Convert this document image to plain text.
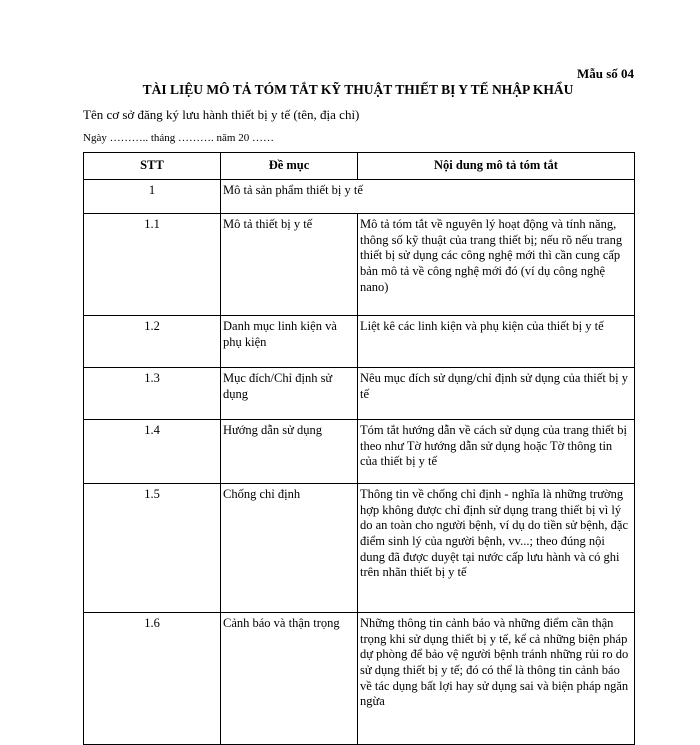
Mẫu số 04
TÀI LIỆU MÔ TẢ TÓM TẮT KỸ THUẬT THIẾT BỊ Y TẾ NHẬP KHẨU
Tên cơ sở đăng ký lưu hành thiết bị y tế (tên, địa chỉ)
Ngày ……….. tháng ………. năm 20 ……
STT	Đề mục	Nội dung mô tả tóm tắt
1	Mô tả sản phẩm thiết bị y tế	
1.1	Mô tả thiết bị y tế	Mô tả tóm tắt về nguyên lý hoạt động và tính năng, thông số kỹ thuật của trang thiết bị; nếu rõ nếu trang thiết bị sử dụng các công nghệ mới thì cần cung cấp bản mô tả về công nghệ mới đó (ví dụ công nghệ nano)
1.2	Danh mục linh kiện và phụ kiện	Liệt kê các linh kiện và phụ kiện của thiết bị y tế
1.3	Mục đích/Chỉ định sử dụng	Nêu mục đích sử dụng/chỉ định sử dụng của thiết bị y tế
1.4	Hướng dẫn sử dụng	Tóm tắt hướng dẫn về cách sử dụng của trang thiết bị theo như Tờ hướng dẫn sử dụng hoặc Tờ thông tin của thiết bị y tế
1.5	Chống chỉ định	Thông tin về chống chỉ định - nghĩa là những trường hợp không được chỉ định sử dụng trang thiết bị vì lý do an toàn cho người bệnh, ví dụ do tiền sử bệnh, đặc điểm sinh lý của người bệnh, vv...; theo đúng nội dung đã được duyệt tại nước cấp lưu hành và có ghi trên nhãn thiết bị y tế
1.6	Cảnh báo và thận trọng	Những thông tin cảnh báo và những điểm cần thận trọng khi sử dụng thiết bị y tế, kể cả những biện pháp dự phòng để bảo vệ người bệnh tránh những rủi ro do sử dụng thiết bị y tế; đó có thể là thông tin cảnh báo về tác dụng bất lợi hay sử dụng sai và biện pháp ngăn ngừa
